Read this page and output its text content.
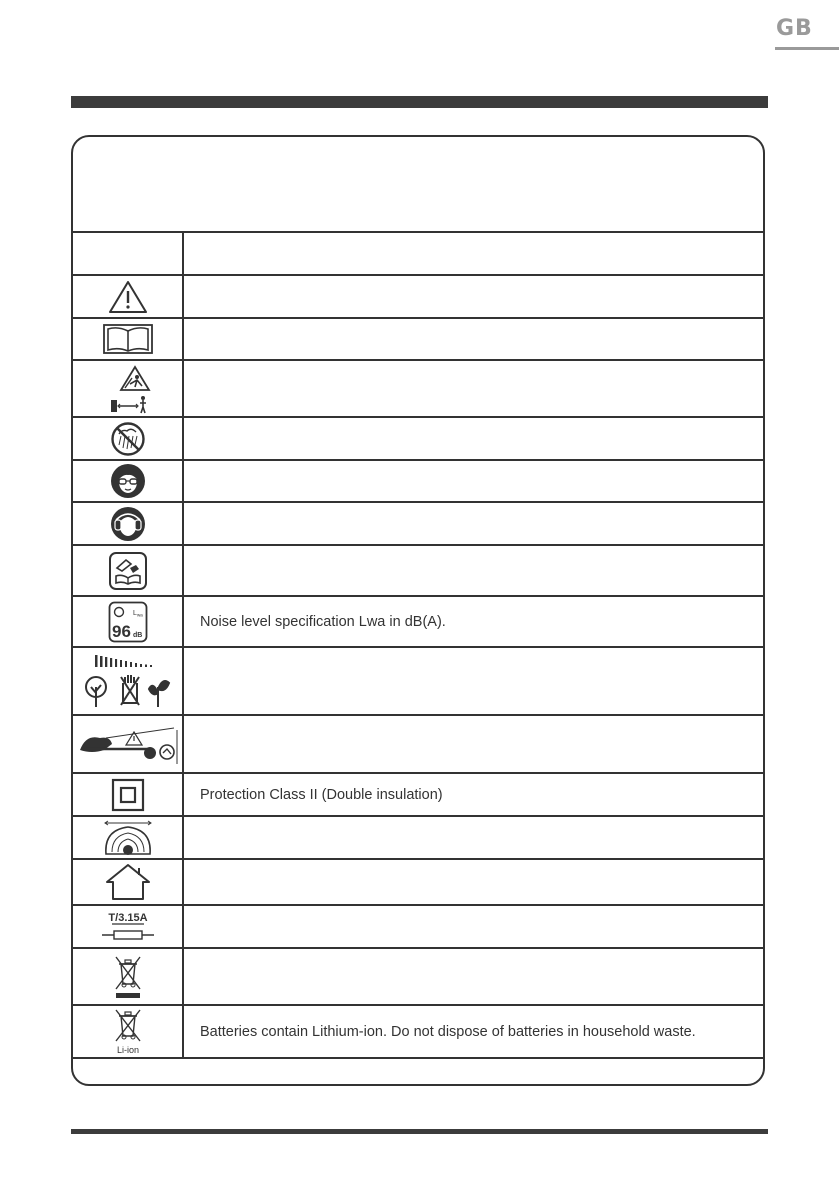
GB
L wa
96 dB
Noise level specification Lwa in dB(A).
Protection Class II (Double insulation)
T/3.15A
Li-ion
Batteries contain Lithium-ion. Do not dispose of batteries in household waste.
